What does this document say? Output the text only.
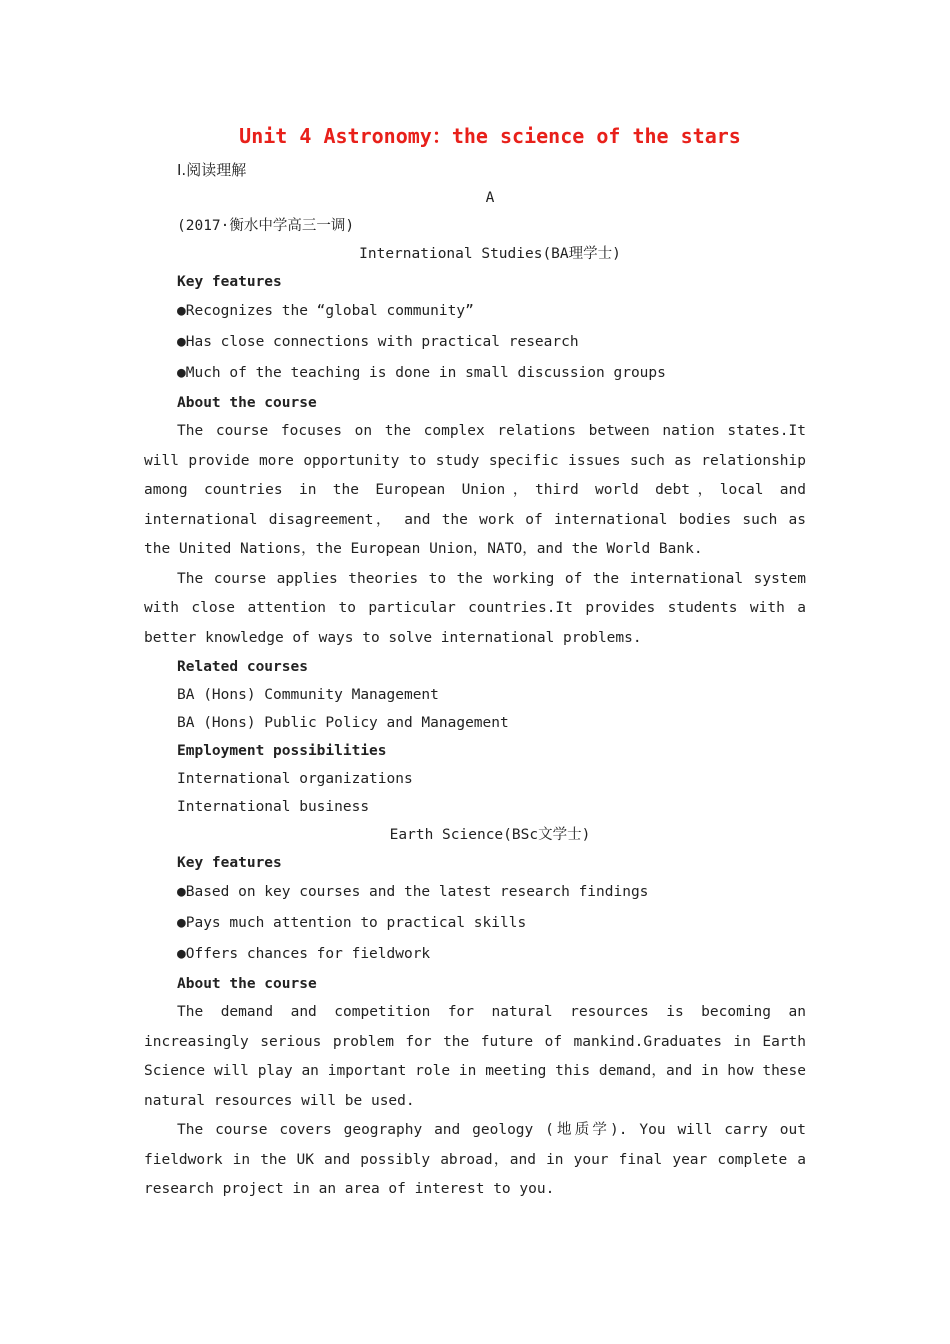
Unit 4 Astronomy：the science of the stars
Ⅰ.阅读理解
A
(2017·衡水中学高三一调)
International Studies(BA理学士)
Key features
●Recognizes the “global community”
●Has close connections with practical research
●Much of the teaching is done in small discussion groups
About the course

The course focuses on the complex relations between nation states.It will provide more opportunity to study specific issues such as relationship among countries in the European Union，third world debt，local and international disagreement， and the work of international bodies such as the United Nations，the European Union，NATO，and the World Bank.

The course applies theories to the working of the international system with close attention to particular countries.It provides students with a better knowledge of ways to solve international problems.

Related courses
BA (Hons) Community Management
BA (Hons) Public Policy and Management
Employment possibilities
International organizations
International business
Earth Science(BSc文学士)
Key features
●Based on key courses and the latest research findings
●Pays much attention to practical skills
●Offers chances for fieldwork
About the course

The demand and competition for natural resources is becoming an increasingly serious problem for the future of mankind.Graduates in Earth Science will play an important role in meeting this demand，and in how these natural resources will be used.

The course covers geography and geology (地质学). You will carry out fieldwork in the UK and possibly abroad，and in your final year complete a research project in an area of interest to you.
